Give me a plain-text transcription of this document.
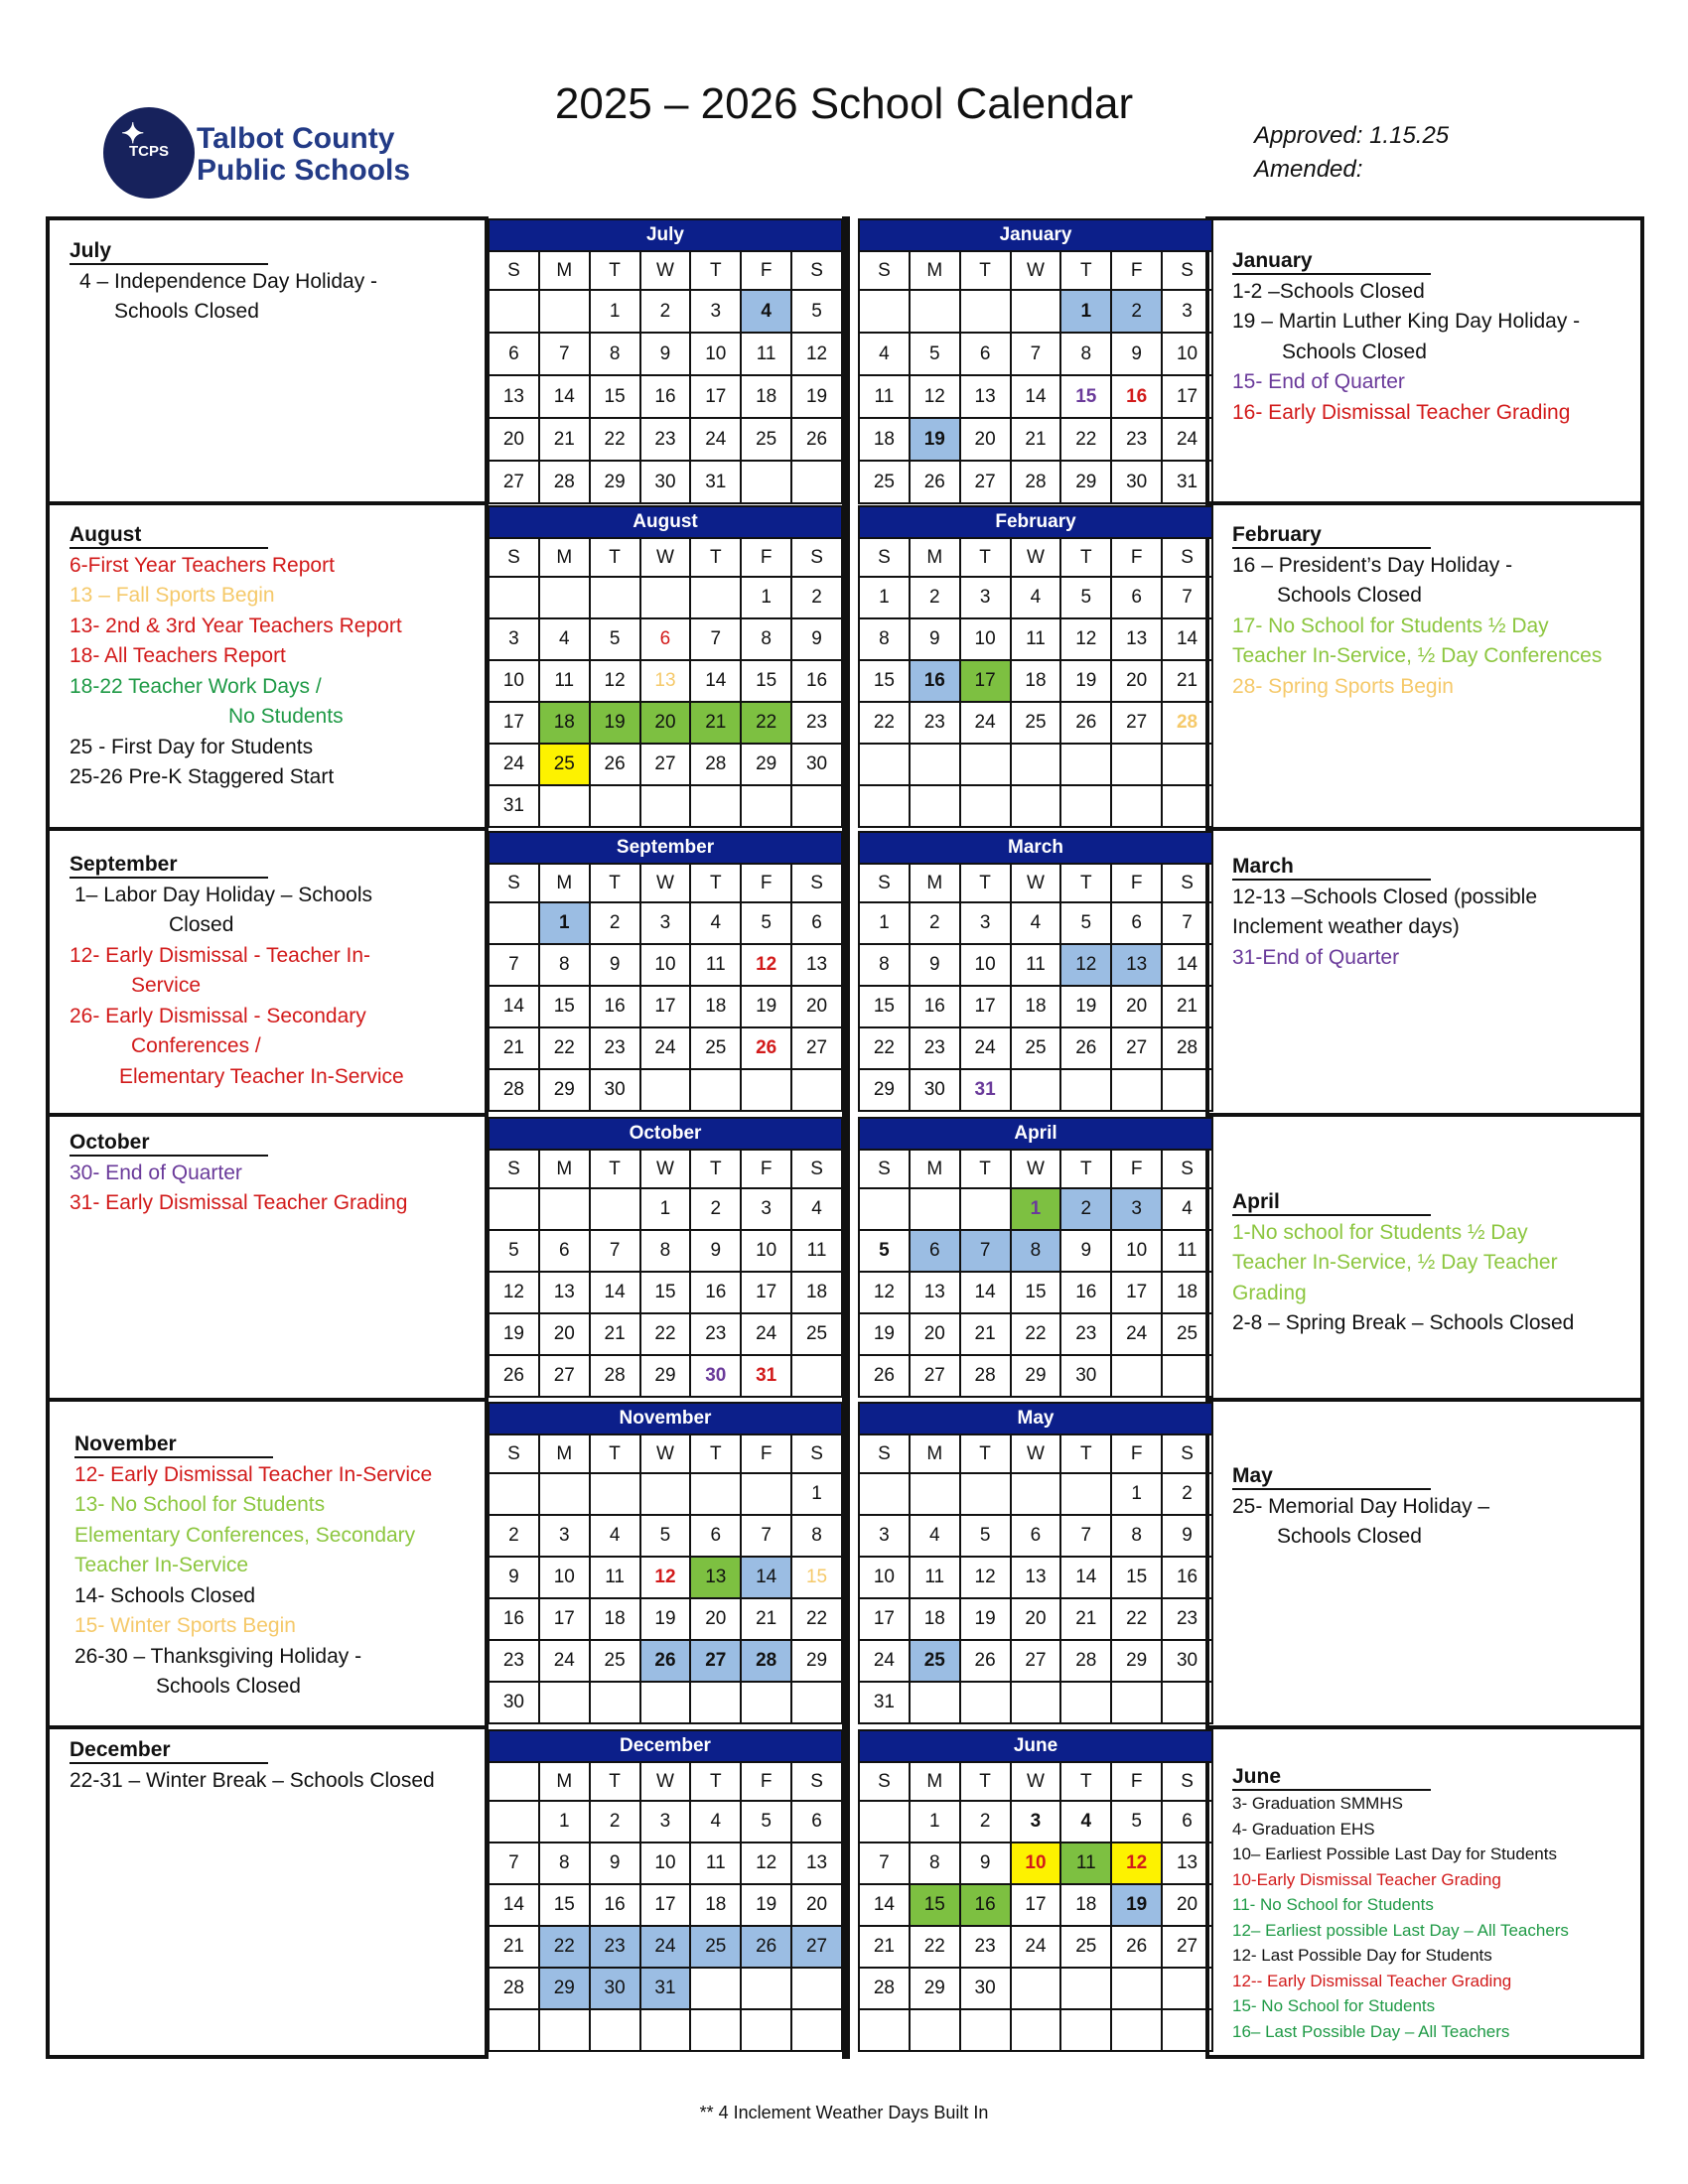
✦
TCPS Talbot County
Public Schools
2025 – 2026 School Calendar
Approved: 1.15.25
Amended:
July
4 – Independence Day Holiday -
Schools Closed
August
6-First Year Teachers Report
13 – Fall Sports Begin
13- 2nd & 3rd Year Teachers Report
18- All Teachers Report
18-22 Teacher Work Days /
No Students
25 - First Day for Students
25-26 Pre-K Staggered Start
September
1– Labor Day Holiday – Schools
Closed
12- Early Dismissal - Teacher In-
Service
26- Early Dismissal - Secondary
Conferences /
Elementary Teacher In-Service
October
30- End of Quarter
31- Early Dismissal Teacher Grading
November
12- Early Dismissal Teacher In-Service
13- No School for Students
Elementary Conferences, Secondary
Teacher In-Service
14- Schools Closed
15- Winter Sports Begin
26-30 – Thanksgiving Holiday -
Schools Closed
December
22-31 – Winter Break – Schools Closed
January
1-2 –Schools Closed
19 – Martin Luther King Day Holiday -
Schools Closed
15- End of Quarter
16- Early Dismissal Teacher Grading
February
16 – President’s Day Holiday -
Schools Closed
17- No School for Students ½ Day
Teacher In-Service, ½ Day Conferences
28- Spring Sports Begin
March
12-13 –Schools Closed (possible
Inclement weather days)
31-End of Quarter
April
1-No school for Students ½ Day
Teacher In-Service, ½ Day Teacher
Grading
2-8 – Spring Break – Schools Closed
May
25- Memorial Day Holiday –
Schools Closed
June
3- Graduation SMMHS
4- Graduation EHS
10– Earliest Possible Last Day for Students
10-Early Dismissal Teacher Grading
11- No School for Students
12– Earliest possible Last Day – All Teachers
12- Last Possible Day for Students
12-- Early Dismissal Teacher Grading
15- No School for Students
16– Last Possible Day – All Teachers
July						
S	M	T	W	T	F	S
		1	2	3	4	5
6	7	8	9	10	11	12
13	14	15	16	17	18	19
20	21	22	23	24	25	26
27	28	29	30	31		
August						
S	M	T	W	T	F	S
					1	2
3	4	5	6	7	8	9
10	11	12	13	14	15	16
17	18	19	20	21	22	23
24	25	26	27	28	29	30
31						
September						
S	M	T	W	T	F	S
	1	2	3	4	5	6
7	8	9	10	11	12	13
14	15	16	17	18	19	20
21	22	23	24	25	26	27
28	29	30				
October						
S	M	T	W	T	F	S
			1	2	3	4
5	6	7	8	9	10	11
12	13	14	15	16	17	18
19	20	21	22	23	24	25
26	27	28	29	30	31	
November						
S	M	T	W	T	F	S
						1
2	3	4	5	6	7	8
9	10	11	12	13	14	15
16	17	18	19	20	21	22
23	24	25	26	27	28	29
30						
December						
	M	T	W	T	F	S
	1	2	3	4	5	6
7	8	9	10	11	12	13
14	15	16	17	18	19	20
21	22	23	24	25	26	27
28	29	30	31			

January						
S	M	T	W	T	F	S
				1	2	3
4	5	6	7	8	9	10
11	12	13	14	15	16	17
18	19	20	21	22	23	24
25	26	27	28	29	30	31
February						
S	M	T	W	T	F	S
1	2	3	4	5	6	7
8	9	10	11	12	13	14
15	16	17	18	19	20	21
22	23	24	25	26	27	28

March						
S	M	T	W	T	F	S
1	2	3	4	5	6	7
8	9	10	11	12	13	14
15	16	17	18	19	20	21
22	23	24	25	26	27	28
29	30	31				
April						
S	M	T	W	T	F	S
			1	2	3	4
5	6	7	8	9	10	11
12	13	14	15	16	17	18
19	20	21	22	23	24	25
26	27	28	29	30		
May						
S	M	T	W	T	F	S
					1	2
3	4	5	6	7	8	9
10	11	12	13	14	15	16
17	18	19	20	21	22	23
24	25	26	27	28	29	30
31						
June						
S	M	T	W	T	F	S
	1	2	3	4	5	6
7	8	9	10	11	12	13
14	15	16	17	18	19	20
21	22	23	24	25	26	27
28	29	30				

** 4 Inclement Weather Days Built In
